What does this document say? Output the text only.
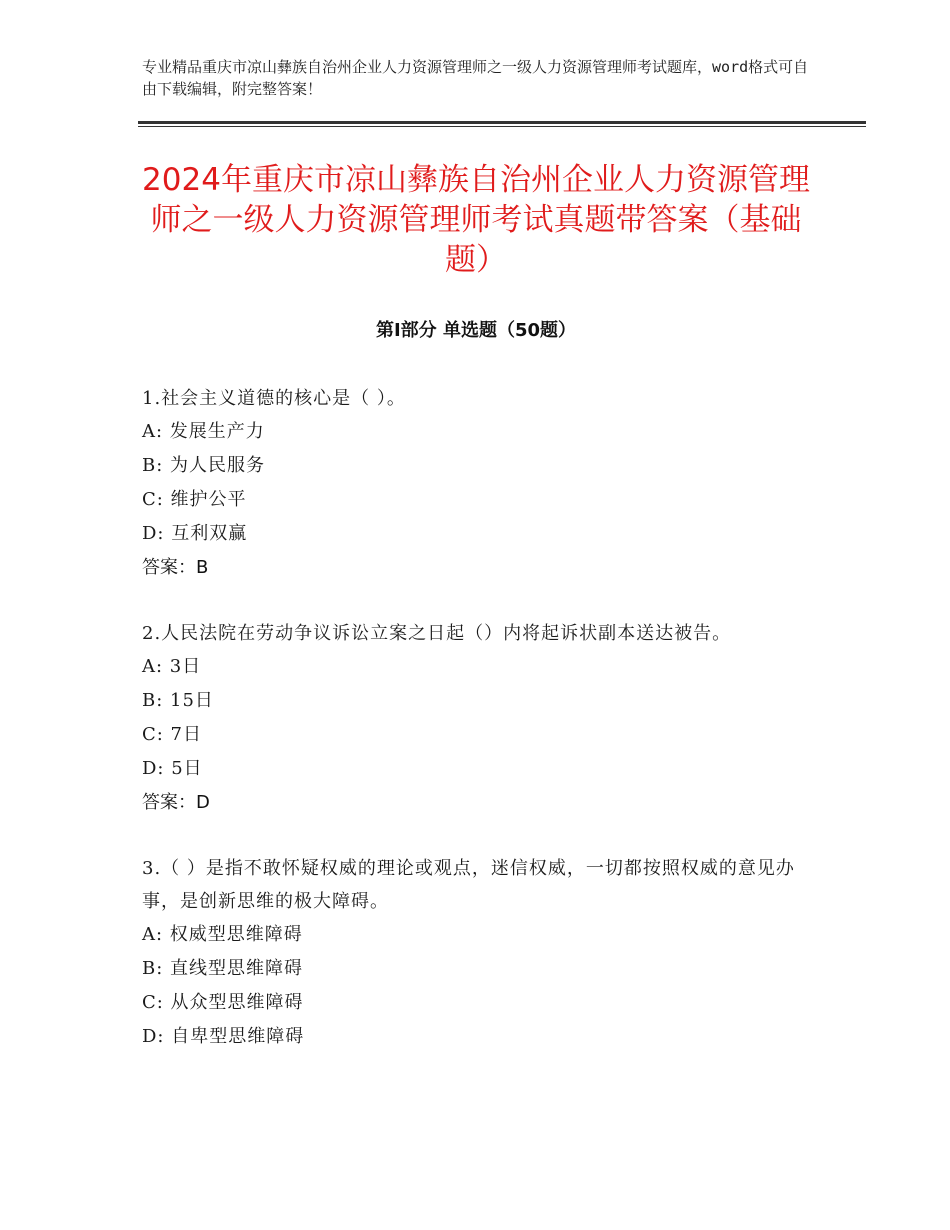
专业精品重庆市凉山彝族自治州企业人力资源管理师之一级人力资源管理师考试题库，word格式可自由下载编辑，附完整答案！
2024年重庆市凉山彝族自治州企业人力资源管理师之一级人力资源管理师考试真题带答案（基础题）
第Ⅰ部分 单选题（50题）
1.社会主义道德的核心是（ ）。
A: 发展生产力
B: 为人民服务
C: 维护公平
D: 互利双赢
答案：B
2.人民法院在劳动争议诉讼立案之日起（）内将起诉状副本送达被告。
A: 3日
B: 15日
C: 7日
D: 5日
答案：D
3.（ ）是指不敢怀疑权威的理论或观点，迷信权威，一切都按照权威的意见办事，是创新思维的极大障碍。
A: 权威型思维障碍
B: 直线型思维障碍
C: 从众型思维障碍
D: 自卑型思维障碍
